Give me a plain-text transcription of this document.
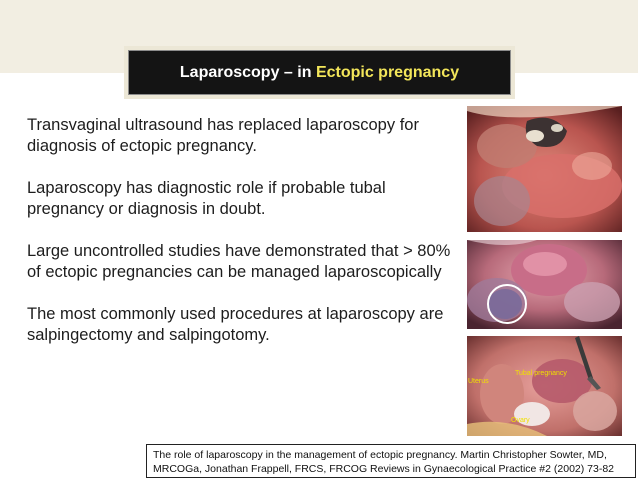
Laparoscopy – in
Ectopic pregnancy

Transvaginal ultrasound has replaced laparoscopy for diagnosis of ectopic pregnancy.

Laparoscopy has diagnostic role if probable tubal pregnancy or diagnosis in doubt.

Large uncontrolled studies have demonstrated that > 80% of ectopic pregnancies can be managed laparoscopically

The most commonly used procedures at laparoscopy are salpingectomy and salpingotomy.

Uterus
Tubal pregnancy
Ovary
The role of laparoscopy in the management of ectopic pregnancy. Martin Christopher Sowter, MD,
MRCOGa, Jonathan Frappell, FRCS, FRCOG Reviews in Gynaecological Practice #2 (2002) 73-82
